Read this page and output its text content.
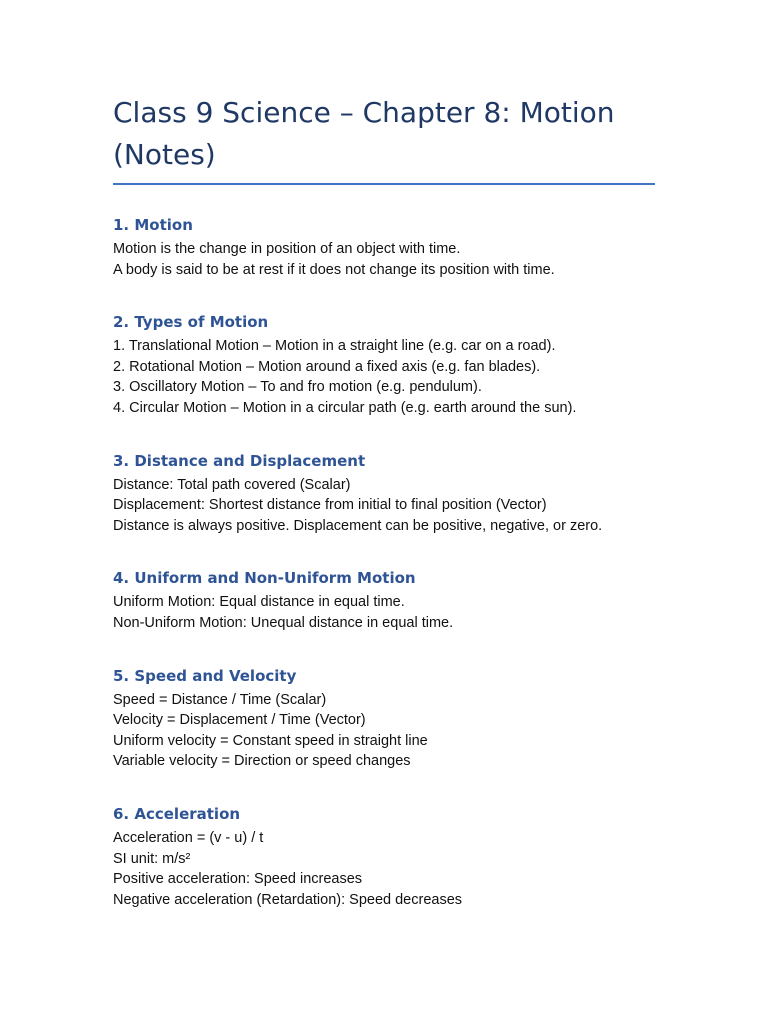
Class 9 Science – Chapter 8: Motion (Notes)
1. Motion
Motion is the change in position of an object with time.
A body is said to be at rest if it does not change its position with time.
2. Types of Motion
1. Translational Motion – Motion in a straight line (e.g. car on a road).
2. Rotational Motion – Motion around a fixed axis (e.g. fan blades).
3. Oscillatory Motion – To and fro motion (e.g. pendulum).
4. Circular Motion – Motion in a circular path (e.g. earth around the sun).
3. Distance and Displacement
Distance: Total path covered (Scalar)
Displacement: Shortest distance from initial to final position (Vector)
Distance is always positive. Displacement can be positive, negative, or zero.
4. Uniform and Non-Uniform Motion
Uniform Motion: Equal distance in equal time.
Non-Uniform Motion: Unequal distance in equal time.
5. Speed and Velocity
Speed = Distance / Time (Scalar)
Velocity = Displacement / Time (Vector)
Uniform velocity = Constant speed in straight line
Variable velocity = Direction or speed changes
6. Acceleration
Acceleration = (v - u) / t
SI unit: m/s²
Positive acceleration: Speed increases
Negative acceleration (Retardation): Speed decreases
